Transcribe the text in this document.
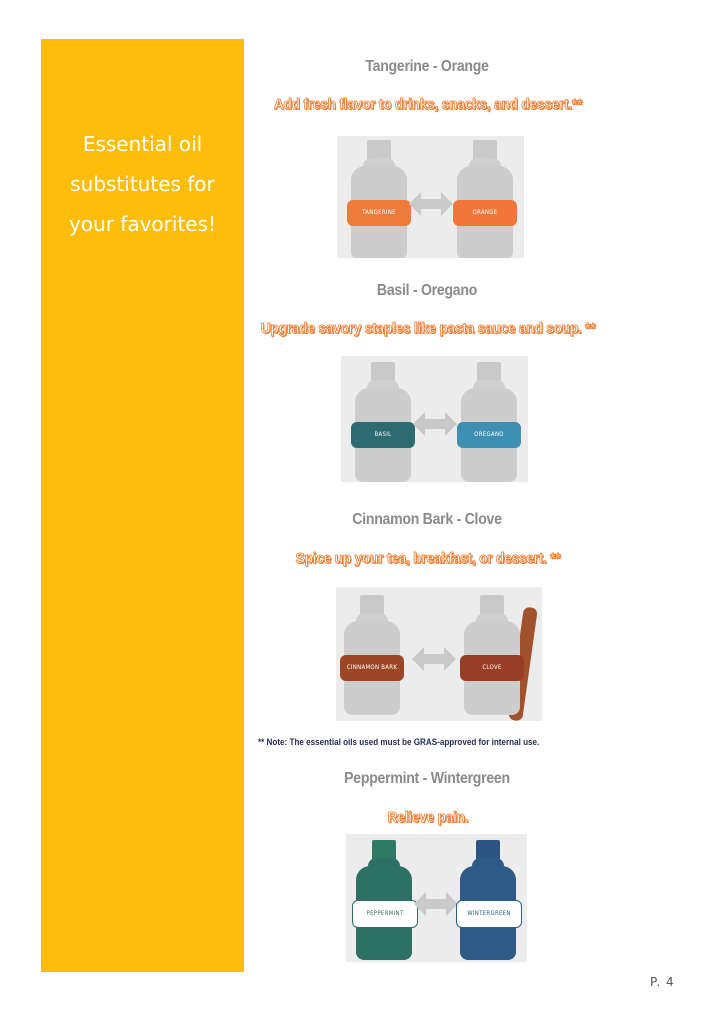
Essential oil
substitutes for
your favorites!
Tangerine - Orange
Add fresh flavor to drinks, snacks, and dessert.**
TANGERINE	ORANGE
Basil - Oregano
Upgrade savory staples like pasta sauce and soup. **
BASIL	OREGANO
Cinnamon Bark - Clove
Spice up your tea, breakfast, or dessert. **
CINNAMON BARK	CLOVE
** Note: The essential oils used must be GRAS-approved for internal use.
Peppermint - Wintergreen
Relieve pain.
PEPPERMINT	WINTERGREEN
P. 4
